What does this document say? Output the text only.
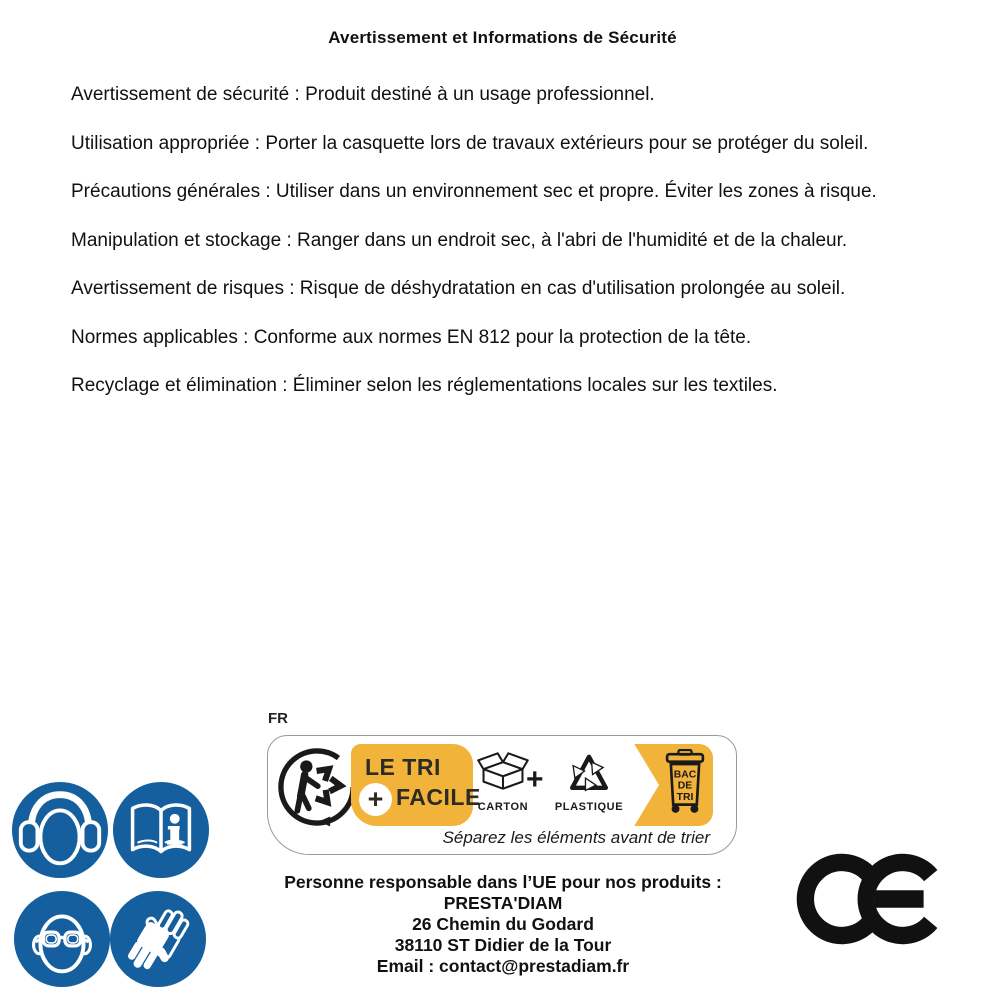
Avertissement et Informations de Sécurité

Avertissement de sécurité : Produit destiné à un usage professionnel.

Utilisation appropriée : Porter la casquette lors de travaux extérieurs pour se protéger du soleil.

Précautions générales : Utiliser dans un environnement sec et propre. Éviter les zones à risque.

Manipulation et stockage : Ranger dans un endroit sec, à l'abri de l'humidité et de la chaleur.

Avertissement de risques : Risque de déshydratation en cas d'utilisation prolongée au soleil.

Normes applicables : Conforme aux normes EN 812 pour la protection de la tête.

Recyclage et élimination : Éliminer selon les réglementations locales sur les textiles.

FR
LE TRI
+ FACILE
CARTON
+
PLASTIQUE
BAC
DE
TRI
Séparez les éléments avant de trier
Personne responsable dans l’UE pour nos produits :
PRESTA'DIAM
26 Chemin du Godard
38110 ST Didier de la Tour
Email : contact@prestadiam.fr
